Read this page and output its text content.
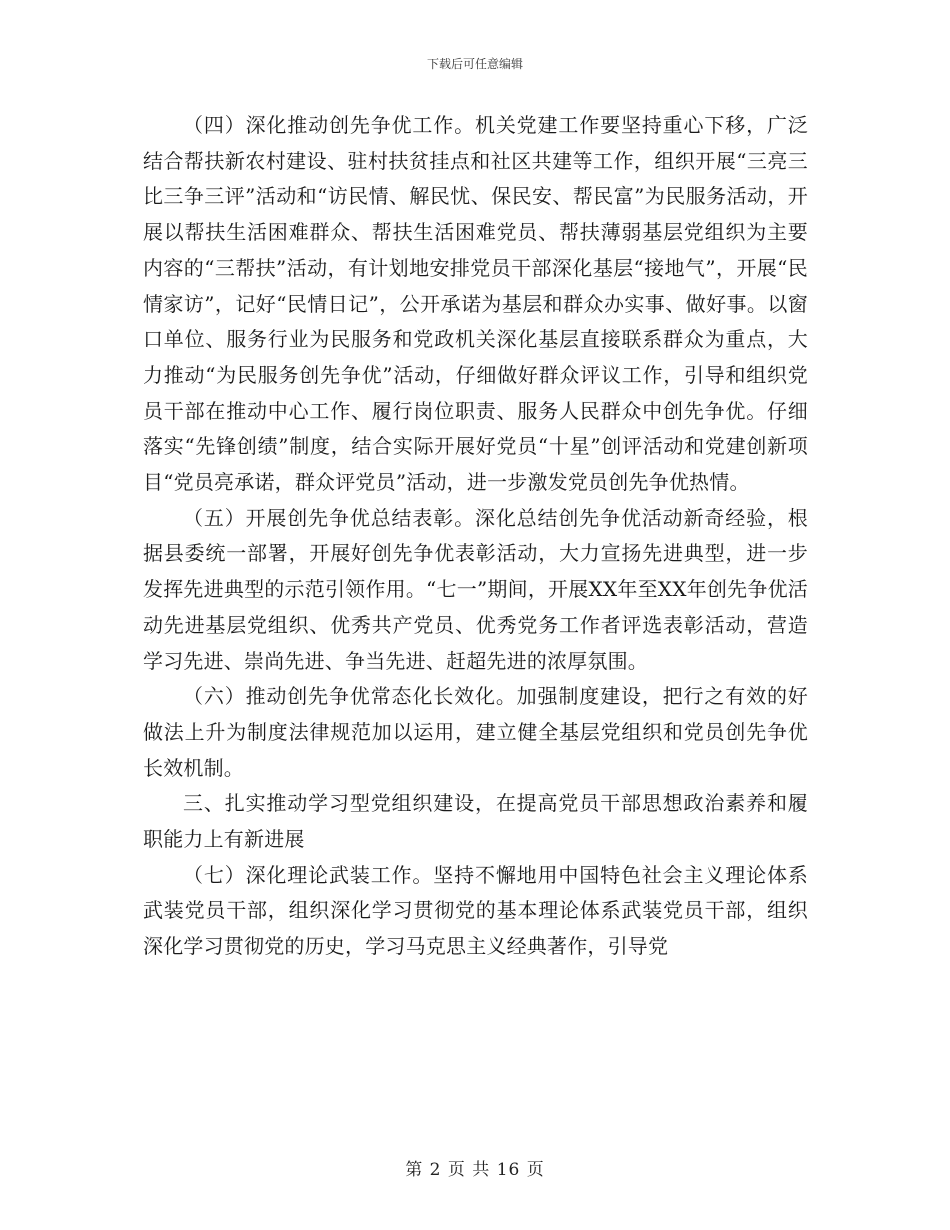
下载后可任意编辑

（四）深化推动创先争优工作。机关党建工作要坚持重心下移，广泛结合帮扶新农村建设、驻村扶贫挂点和社区共建等工作，组织开展“三亮三比三争三评”活动和“访民情、解民忧、保民安、帮民富”为民服务活动，开展以帮扶生活困难群众、帮扶生活困难党员、帮扶薄弱基层党组织为主要内容的“三帮扶”活动，有计划地安排党员干部深化基层“接地气”，开展“民情家访”，记好“民情日记”，公开承诺为基层和群众办实事、做好事。以窗口单位、服务行业为民服务和党政机关深化基层直接联系群众为重点，大力推动“为民服务创先争优”活动，仔细做好群众评议工作，引导和组织党员干部在推动中心工作、履行岗位职责、服务人民群众中创先争优。仔细落实“先锋创绩”制度，结合实际开展好党员“十星”创评活动和党建创新项目“党员亮承诺，群众评党员”活动，进一步激发党员创先争优热情。

（五）开展创先争优总结表彰。深化总结创先争优活动新奇经验，根据县委统一部署，开展好创先争优表彰活动，大力宣扬先进典型，进一步发挥先进典型的示范引领作用。“七一”期间，开展XX年至XX年创先争优活动先进基层党组织、优秀共产党员、优秀党务工作者评选表彰活动，营造学习先进、崇尚先进、争当先进、赶超先进的浓厚氛围。

（六）推动创先争优常态化长效化。加强制度建设，把行之有效的好做法上升为制度法律规范加以运用，建立健全基层党组织和党员创先争优长效机制。

三、扎实推动学习型党组织建设，在提高党员干部思想政治素养和履职能力上有新进展

（七）深化理论武装工作。坚持不懈地用中国特色社会主义理论体系武装党员干部，组织深化学习贯彻党的基本理论体系武装党员干部，组织深化学习贯彻党的历史，学习马克思主义经典著作，引导党

第 2 页 共 16 页
